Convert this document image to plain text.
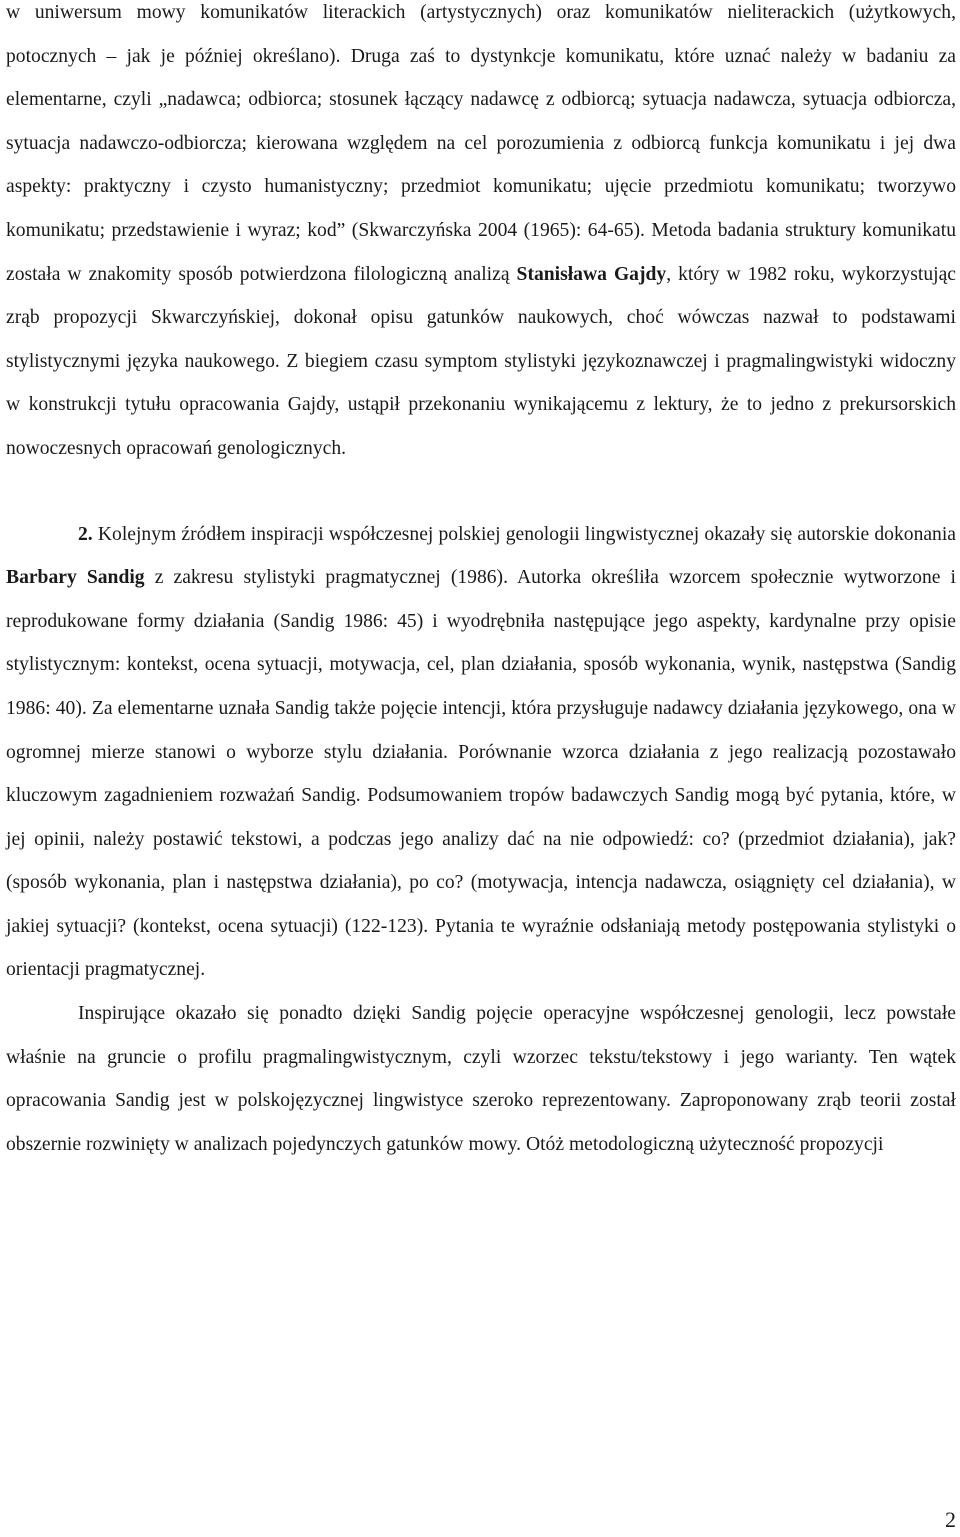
w uniwersum mowy komunikatów literackich (artystycznych) oraz komunikatów nieliterackich (użytkowych, potocznych – jak je później określano). Druga zaś to dystynkcje komunikatu, które uznać należy w badaniu za elementarne, czyli „nadawca; odbiorca; stosunek łączący nadawcę z odbiorcą; sytuacja nadawcza, sytuacja odbiorcza, sytuacja nadawczo-odbiorcza; kierowana względem na cel porozumienia z odbiorcą funkcja komunikatu i jej dwa aspekty: praktyczny i czysto humanistyczny; przedmiot komunikatu; ujęcie przedmiotu komunikatu; tworzywo komunikatu; przedstawienie i wyraz; kod” (Skwarczyńska 2004 (1965): 64-65). Metoda badania struktury komunikatu została w znakomity sposób potwierdzona filologiczną analizą Stanisława Gajdy, który w 1982 roku, wykorzystując zrąb propozycji Skwarczyńskiej, dokonał opisu gatunków naukowych, choć wówczas nazwał to podstawami stylistycznymi języka naukowego. Z biegiem czasu symptom stylistyki językoznawczej i pragmalingwistyki widoczny w konstrukcji tytułu opracowania Gajdy, ustąpił przekonaniu wynikającemu z lektury, że to jedno z prekursorskich nowoczesnych opracowań genologicznych.

2. Kolejnym źródłem inspiracji współczesnej polskiej genologii lingwistycznej okazały się autorskie dokonania Barbary Sandig z zakresu stylistyki pragmatycznej (1986). Autorka określiła wzorcem społecznie wytworzone i reprodukowane formy działania (Sandig 1986: 45) i wyodrębniła następujące jego aspekty, kardynalne przy opisie stylistycznym: kontekst, ocena sytuacji, motywacja, cel, plan działania, sposób wykonania, wynik, następstwa (Sandig 1986: 40). Za elementarne uznała Sandig także pojęcie intencji, która przysługuje nadawcy działania językowego, ona w ogromnej mierze stanowi o wyborze stylu działania. Porównanie wzorca działania z jego realizacją pozostawało kluczowym zagadnieniem rozważań Sandig. Podsumowaniem tropów badawczych Sandig mogą być pytania, które, w jej opinii, należy postawić tekstowi, a podczas jego analizy dać na nie odpowiedź: co? (przedmiot działania), jak? (sposób wykonania, plan i następstwa działania), po co? (motywacja, intencja nadawcza, osiągnięty cel działania), w jakiej sytuacji? (kontekst, ocena sytuacji) (122-123). Pytania te wyraźnie odsłaniają metody postępowania stylistyki o orientacji pragmatycznej.

Inspirujące okazało się ponadto dzięki Sandig pojęcie operacyjne współczesnej genologii, lecz powstałe właśnie na gruncie o profilu pragmalingwistycznym, czyli wzorzec tekstu/tekstowy i jego warianty. Ten wątek opracowania Sandig jest w polskojęzycznej lingwistyce szeroko reprezentowany. Zaproponowany zrąb teorii został obszernie rozwinięty w analizach pojedynczych gatunków mowy. Otóż metodologiczną użyteczność propozycji

2
